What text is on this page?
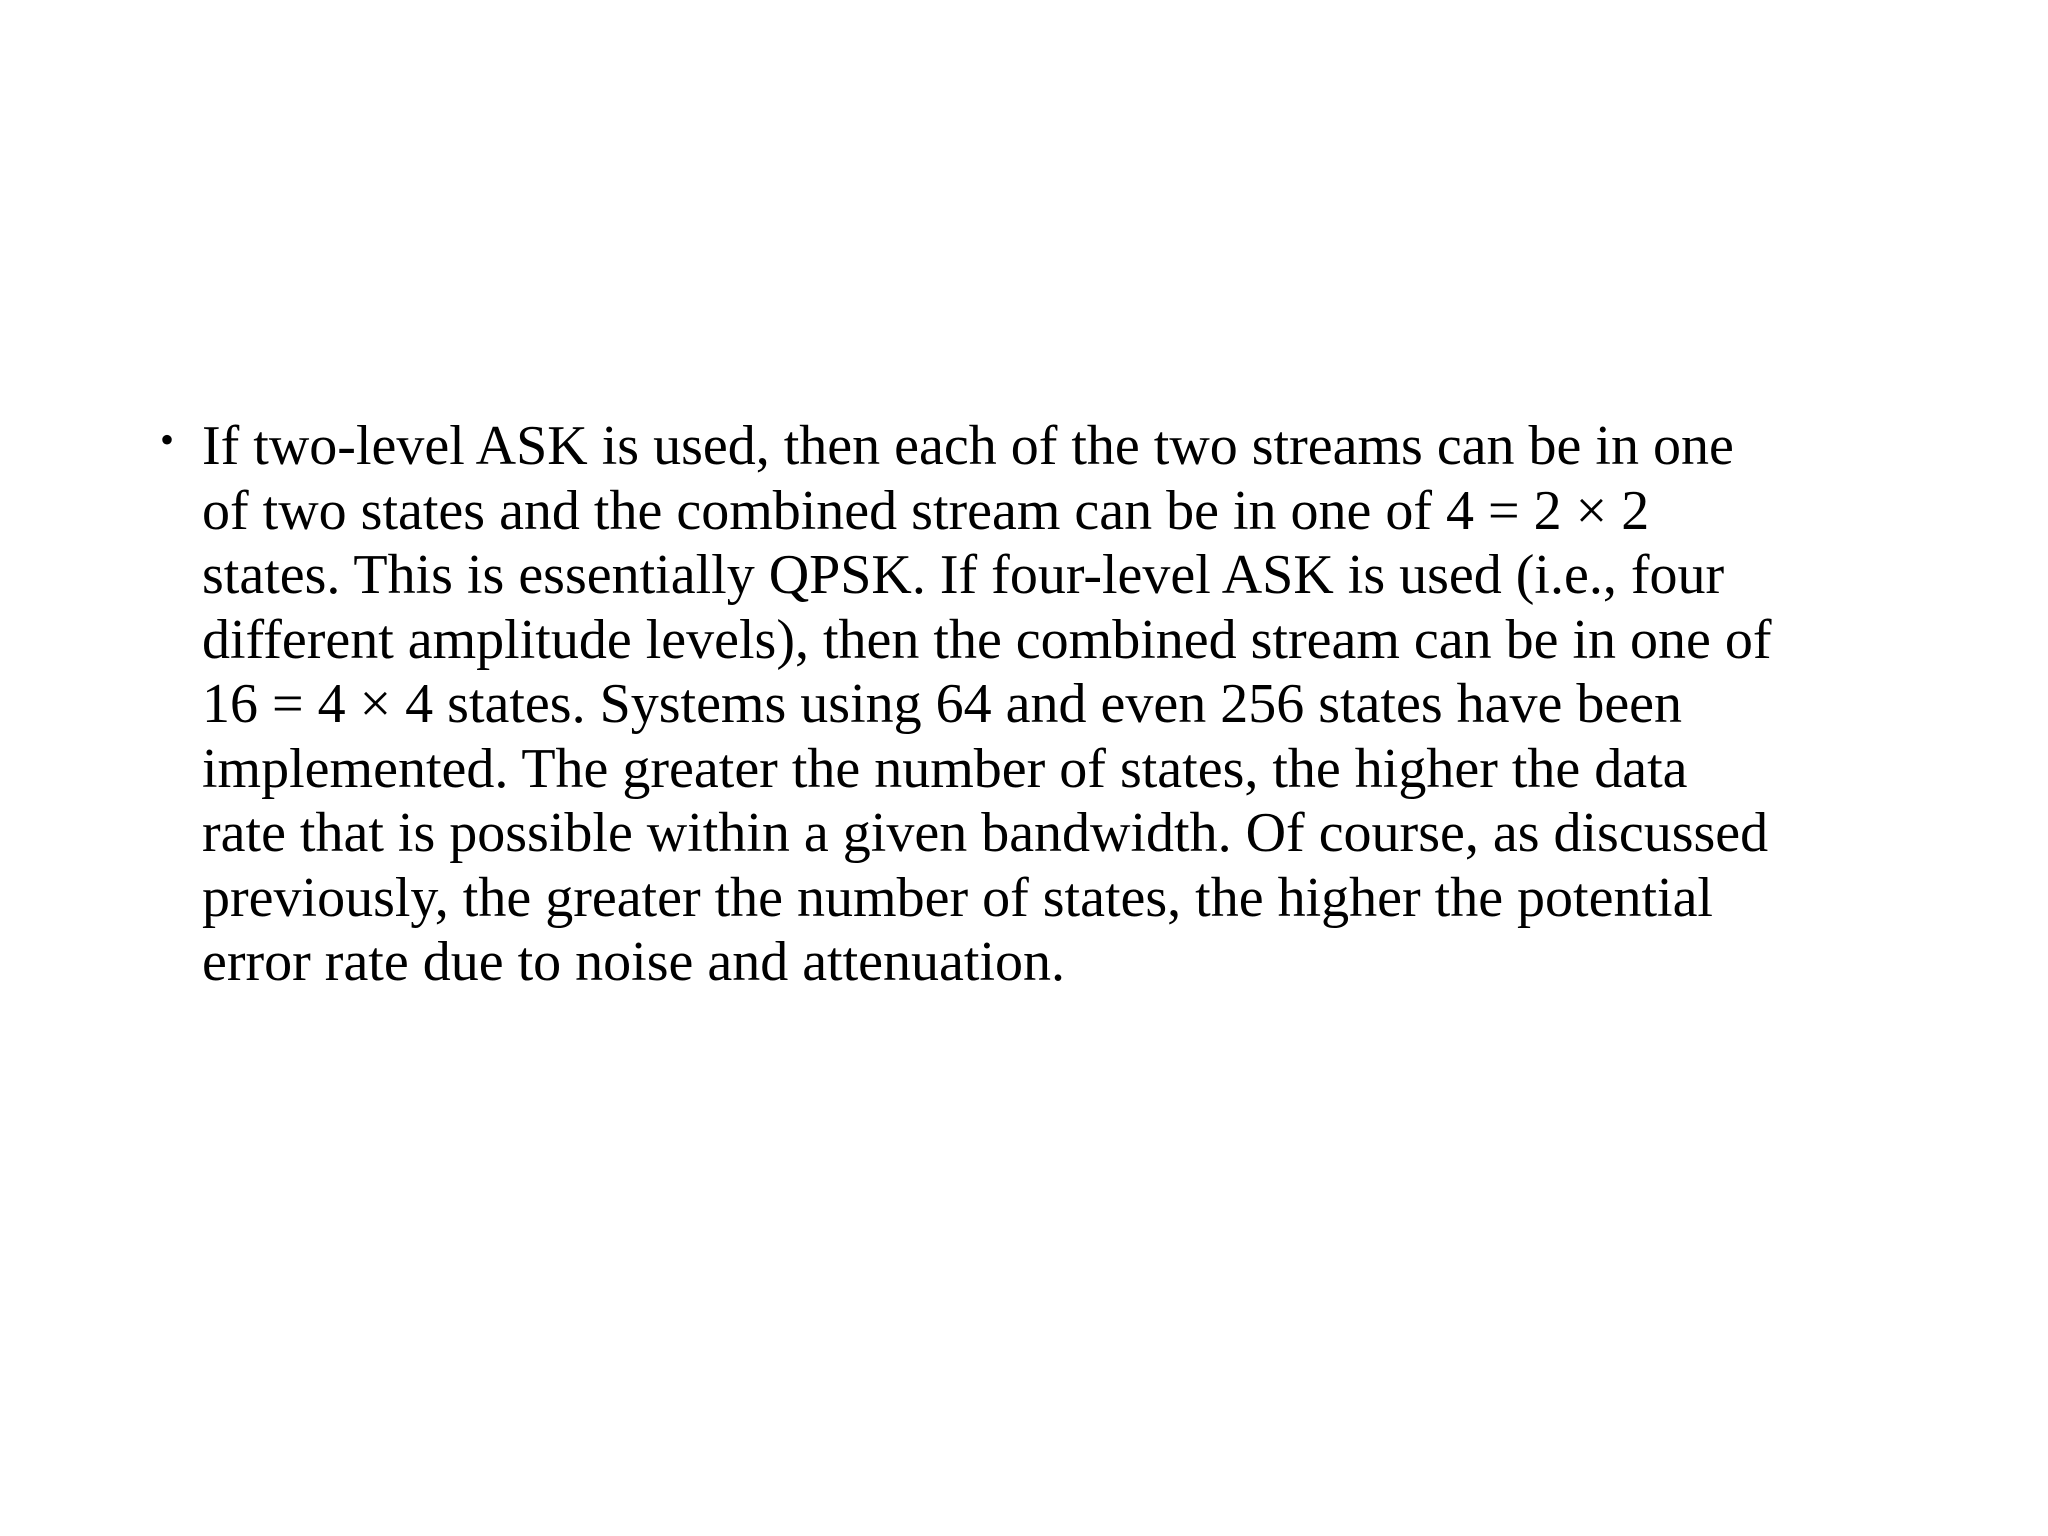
• If two-level ASK is used, then each of the two streams can be in one
of two states and the combined stream can be in one of 4 = 2 × 2
states. This is essentially QPSK. If four-level ASK is used (i.e., four
different amplitude levels), then the combined stream can be in one of
16 = 4 × 4 states. Systems using 64 and even 256 states have been
implemented. The greater the number of states, the higher the data
rate that is possible within a given bandwidth. Of course, as discussed
previously, the greater the number of states, the higher the potential
error rate due to noise and attenuation.
